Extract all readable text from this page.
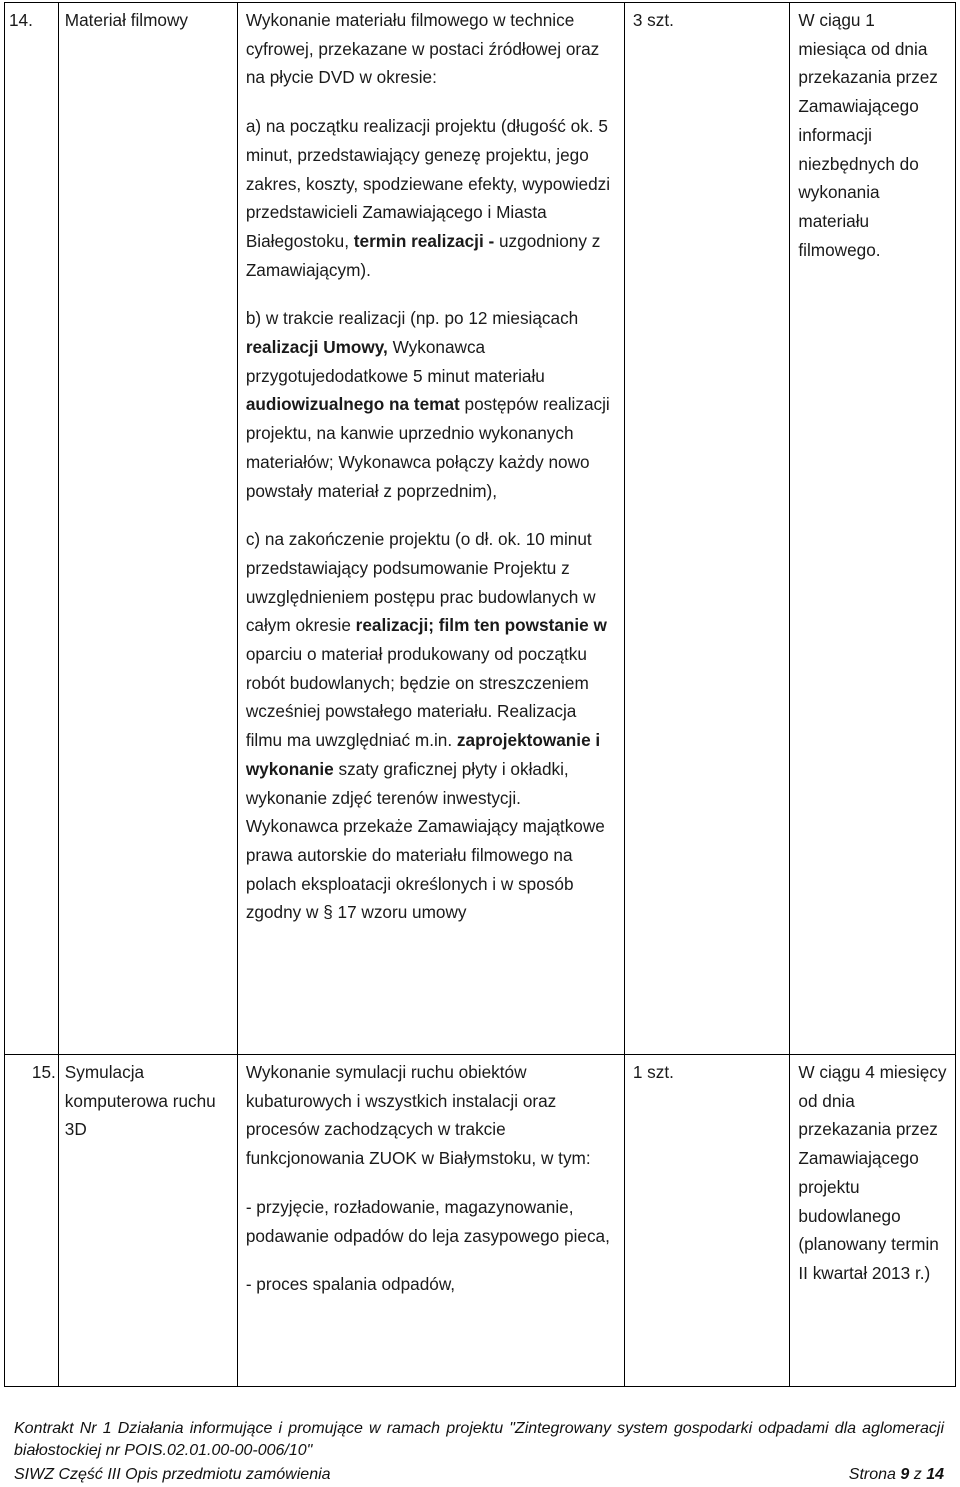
14.	Materiał filmowy	Wykonanie materiału filmowego w technice cyfrowej, przekazane w postaci źródłowej oraz na płycie DVD w okresie:

a) na początku realizacji projektu (długość ok. 5 minut, przedstawiający genezę projektu, jego zakres, koszty, spodziewane efekty, wypowiedzi przedstawicieli Zamawiającego i Miasta Białegostoku, termin realizacji - uzgodniony z Zamawiającym).

b) w trakcie realizacji (np. po 12 miesiącach realizacji Umowy, Wykonawca przygotujedodatkowe 5 minut materiału audiowizualnego na temat postępów realizacji projektu, na kanwie uprzednio wykonanych materiałów; Wykonawca połączy każdy nowo powstały materiał z poprzednim),

c) na zakończenie projektu (o dł. ok. 10 minut przedstawiający podsumowanie Projektu z uwzględnieniem postępu prac budowlanych w całym okresie realizacji; film ten powstanie w oparciu o materiał produkowany od początku robót budowlanych; będzie on streszczeniem wcześniej powstałego materiału. Realizacja filmu ma uwzględniać m.in. zaprojektowanie i wykonanie szaty graficznej płyty i okładki, wykonanie zdjęć terenów inwestycji. Wykonawca przekaże Zamawiający majątkowe prawa autorskie do materiału filmowego na polach eksploatacji określonych i w sposób zgodny w § 17 wzoru umowy	3 szt.	W ciągu 1 miesiąca od dnia przekazania przez Zamawiającego informacji niezbędnych do wykonania materiału filmowego.
15.	Symulacja komputerowa ruchu 3D	Wykonanie symulacji ruchu obiektów kubaturowych i wszystkich instalacji oraz procesów zachodzących w trakcie funkcjonowania ZUOK w Białymstoku, w tym:

- przyjęcie, rozładowanie, magazynowanie, podawanie odpadów do leja zasypowego pieca,

- proces spalania odpadów,	1 szt.	W ciągu 4 miesięcy od dnia przekazania przez Zamawiającego projektu budowlanego (planowany termin II kwartał 2013 r.)
Kontrakt Nr 1 Działania informujące i promujące w ramach projektu "Zintegrowany system gospodarki odpadami dla aglomeracji białostockiej nr POIS.02.01.00-00-006/10"
SIWZ Część III Opis przedmiotu zamówienia	Strona 9 z 14
